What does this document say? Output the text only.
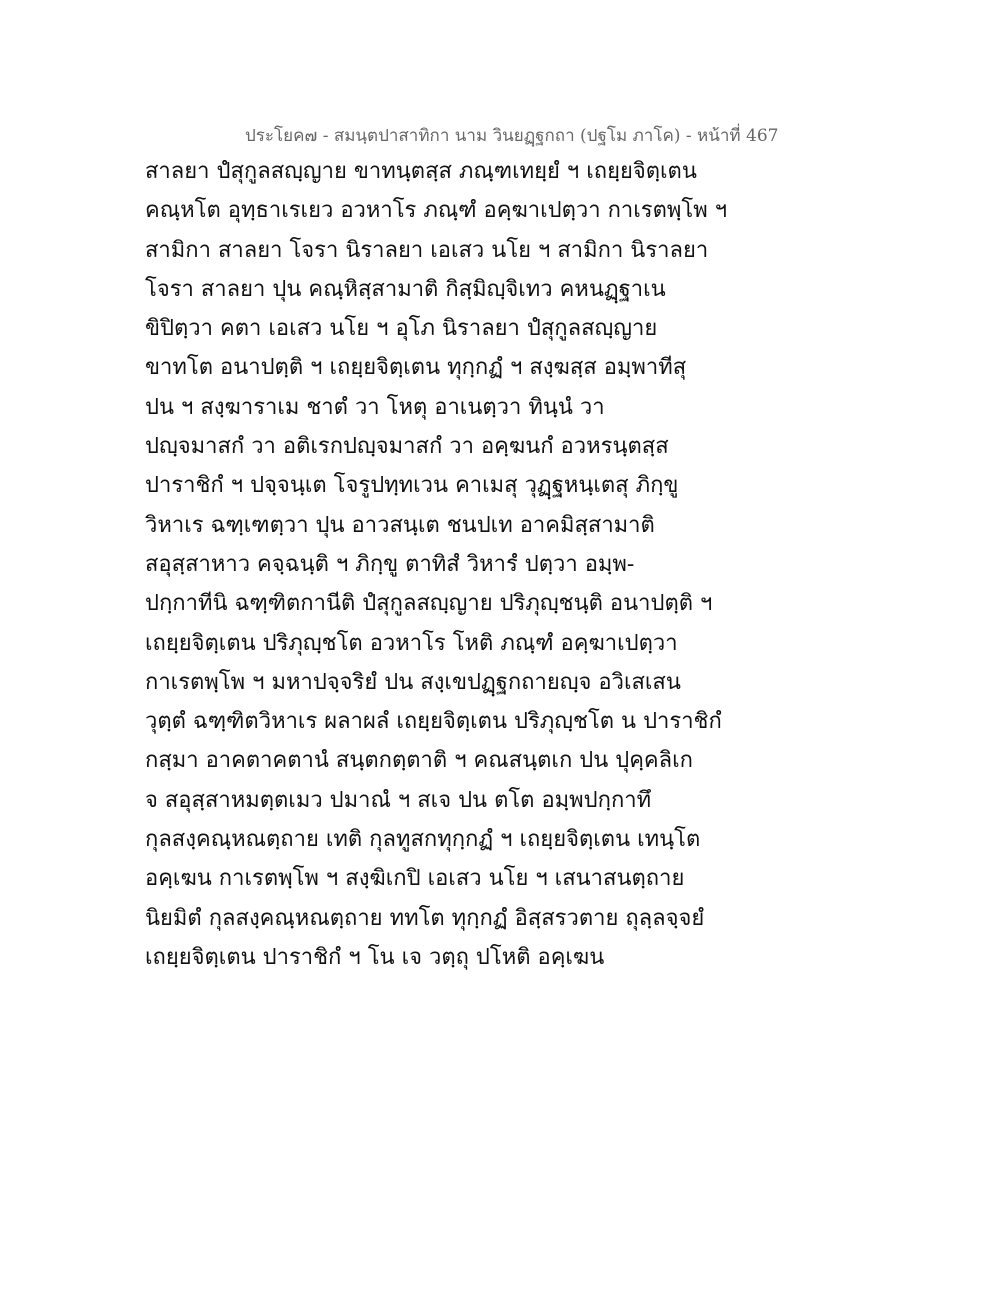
ประโยค๗ - สมนฺตปาสาทิกา นาม วินยฏฺฐกถา (ปฐโม ภาโค) - หน้าที่ 467
สาลยา ปํสุกูลสญฺญาย ขาทนฺตสฺส ภณฺฑเทยฺยํ ฯ เถยฺยจิตฺเตน
คณฺหโต อุทฺธาเรเยว อวหาโร ภณฺฑํ อคฺฆาเปตฺวา กาเรตพฺโพ ฯ
สามิกา สาลยา โจรา นิราลยา เอเสว นโย ฯ สามิกา นิราลยา
โจรา สาลยา ปุน คณฺหิสฺสามาติ กิสฺมิญฺจิเทว คหนฏฺฐาเน
ขิปิตฺวา คตา เอเสว นโย ฯ อุโภ นิราลยา ปํสุกูลสญฺญาย
ขาทโต อนาปตฺติ ฯ เถยฺยจิตฺเตน ทุกฺกฏํ ฯ สงฺฆสฺส อมฺพาทีสุ
ปน ฯ สงฺฆาราเม ชาตํ วา โหตุ อาเนตฺวา ทินฺนํ วา
ปญฺจมาสกํ วา อติเรกปญฺจมาสกํ วา อคฺฆนกํ อวหรนฺตสฺส
ปาราชิกํ ฯ ปจฺจนฺเต โจรูปทฺทเวน คาเมสุ วุฏฺฐหนฺเตสุ ภิกฺขู
วิหาเร ฉฑฺเฑตฺวา ปุน อาวสนฺเต ชนปเท อาคมิสฺสามาติ
สอุสฺสาหาว คจฺฉนฺติ ฯ ภิกฺขู ตาทิสํ วิหารํ ปตฺวา อมฺพ-
ปกฺกาทีนิ ฉฑฺฑิตกานีติ ปํสุกูลสญฺญาย ปริภุญฺชนฺติ อนาปตฺติ ฯ
เถยฺยจิตฺเตน ปริภุญฺชโต อวหาโร โหติ ภณฺฑํ อคฺฆาเปตฺวา
กาเรตพฺโพ ฯ มหาปจฺจริยํ ปน สงฺเขปฏฺฐกถายญฺจ อวิเสเสน
วุตฺตํ ฉฑฺฑิตวิหาเร ผลาผลํ เถยฺยจิตฺเตน ปริภุญฺชโต น ปาราชิกํ
กสฺมา อาคตาคตานํ สนฺตกตฺตาติ ฯ คณสนฺตเก ปน ปุคฺคลิเก
จ สอุสฺสาหมตฺตเมว ปมาณํ ฯ สเจ ปน ตโต อมฺพปกฺกาทึ
กุลสงฺคณฺหณตฺถาย เทติ กุลทูสกทุกฺกฏํ ฯ เถยฺยจิตฺเตน เทนฺโต
อคฺเฆน กาเรตพฺโพ ฯ สงฺฆิเกปิ เอเสว นโย ฯ เสนาสนตฺถาย
นิยมิตํ กุลสงฺคณฺหณตฺถาย ททโต ทุกฺกฏํ อิสฺสรวตาย ถุลฺลจฺจยํ
เถยฺยจิตฺเตน ปาราชิกํ ฯ โน เจ วตฺถุ ปโหติ อคฺเฆน
